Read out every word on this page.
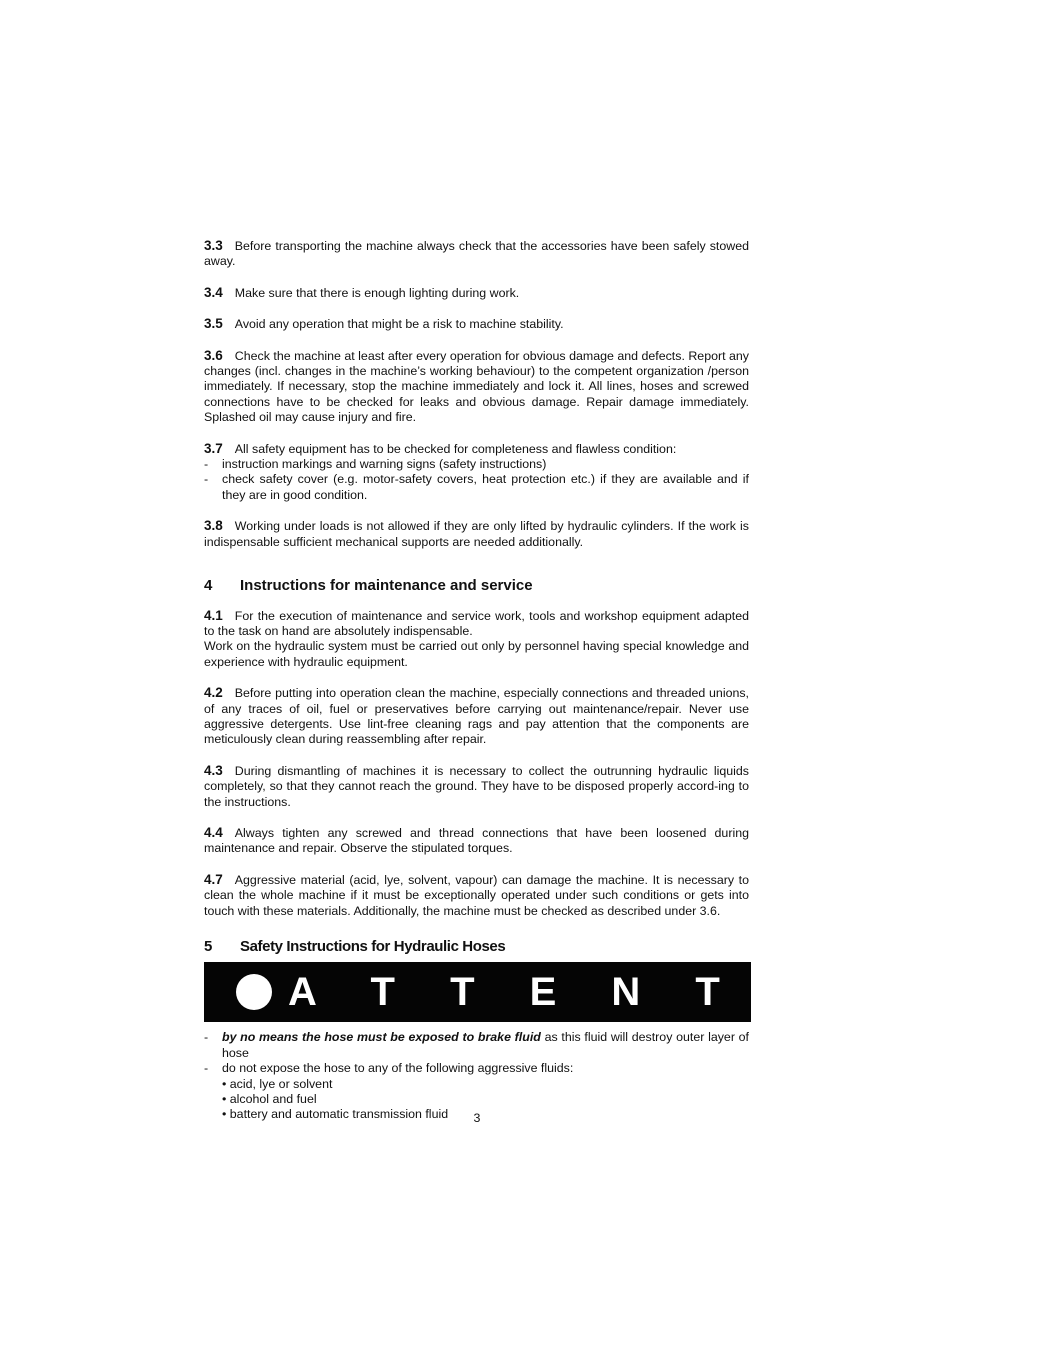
3.3 Before transporting the machine always check that the accessories have been safely stowed away.

3.4 Make sure that there is enough lighting during work.

3.5 Avoid any operation that might be a risk to machine stability.

3.6 Check the machine at least after every operation for obvious damage and defects. Report any changes (incl. changes in the machine’s working behaviour) to the competent organization /person immediately. If necessary, stop the machine immediately and lock it. All lines, hoses and screwed connections have to be checked for leaks and obvious damage. Repair damage immediately. Splashed oil may cause injury and fire.

3.7 All safety equipment has to be checked for completeness and flawless condition:
- instruction markings and warning signs (safety instructions)
- check safety cover (e.g. motor-safety covers, heat protection etc.) if they are available and if they are in good condition.

3.8 Working under loads is not allowed if they are only lifted by hydraulic cylinders. If the work is indispensable sufficient mechanical supports are needed additionally.

4 Instructions for maintenance and service
4.1 For the execution of maintenance and service work, tools and workshop equipment adapted to the task on hand are absolutely indispensable.
Work on the hydraulic system must be carried out only by personnel having special knowledge and experience with hydraulic equipment.

4.2 Before putting into operation clean the machine, especially connections and threaded unions, of any traces of oil, fuel or preservatives before carrying out maintenance/repair. Never use aggressive detergents. Use lint-free cleaning rags and pay attention that the components are meticulously clean during reassembling after repair.

4.3 During dismantling of machines it is necessary to collect the outrunning hydraulic liquids completely, so that they cannot reach the ground. They have to be disposed properly accord-ing to the instructions.

4.4 Always tighten any screwed and thread connections that have been loosened during maintenance and repair. Observe the stipulated torques.

4.7 Aggressive material (acid, lye, solvent, vapour) can damage the machine. It is necessary to clean the whole machine if it must be exceptionally operated under such conditions or gets into touch with these materials. Additionally, the machine must be checked as described under 3.6.

5 Safety Instructions for Hydraulic Hoses
A T T E N T I O N !
- by no means the hose must be exposed to brake fluid as this fluid will destroy outer layer of hose
- do not expose the hose to any of the following aggressive fluids:
• acid, lye or solvent
• alcohol and fuel
• battery and automatic transmission fluid	3
